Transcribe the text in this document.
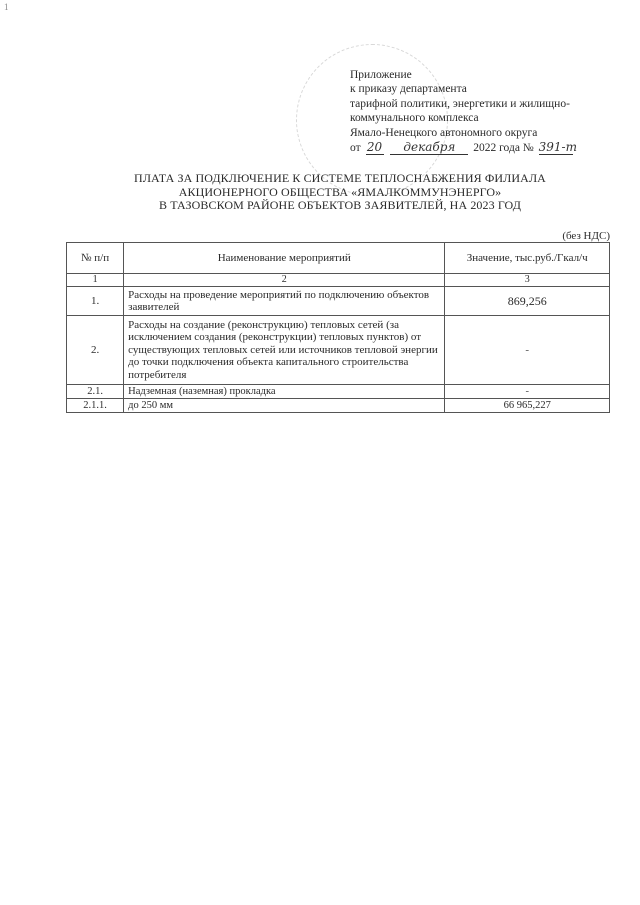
1
Приложение
к приказу департамента
тарифной политики, энергетики и жилищно-
коммунального комплекса
Ямало-Ненецкого автономного округа
от 20 декабря 2022 года № 391-т
ПЛАТА ЗА ПОДКЛЮЧЕНИЕ К СИСТЕМЕ ТЕПЛОСНАБЖЕНИЯ ФИЛИАЛА
АКЦИОНЕРНОГО ОБЩЕСТВА «ЯМАЛКОММУНЭНЕРГО»
В ТАЗОВСКОМ РАЙОНЕ ОБЪЕКТОВ ЗАЯВИТЕЛЕЙ, НА 2023 ГОД
(без НДС)
№ п/п	Наименование мероприятий	Значение, тыс.руб./Гкал/ч
1	2	3
1.	Расходы на проведение мероприятий по подключению объектов заявителей	869,256
2.	Расходы на создание (реконструкцию) тепловых сетей (за исключением создания (реконструкции) тепловых пунктов) от существующих тепловых сетей или источников тепловой энергии до точки подключения объекта капитального строительства потребителя	-
2.1.	Надземная (наземная) прокладка	-
2.1.1.	до 250 мм	66 965,227
